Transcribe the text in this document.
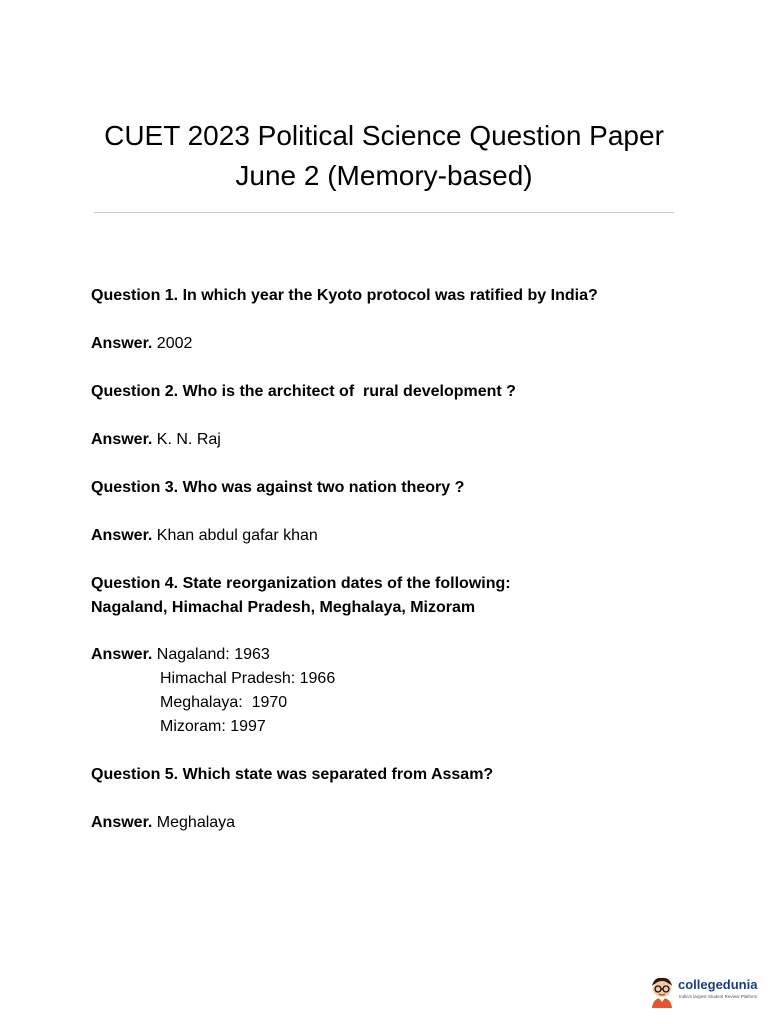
CUET 2023 Political Science Question Paper
June 2 (Memory-based)
Question 1. In which year the Kyoto protocol was ratified by India?
Answer. 2002
Question 2. Who is the architect of  rural development ?
Answer. K. N. Raj
Question 3. Who was against two nation theory ?
Answer. Khan abdul gafar khan
Question 4. State reorganization dates of the following:
Nagaland, Himachal Pradesh, Meghalaya, Mizoram
Answer. Nagaland: 1963
Himachal Pradesh: 1966
Meghalaya:  1970
Mizoram: 1997
Question 5. Which state was separated from Assam?
Answer. Meghalaya
collegedunia
India's largest Student Review Platform
